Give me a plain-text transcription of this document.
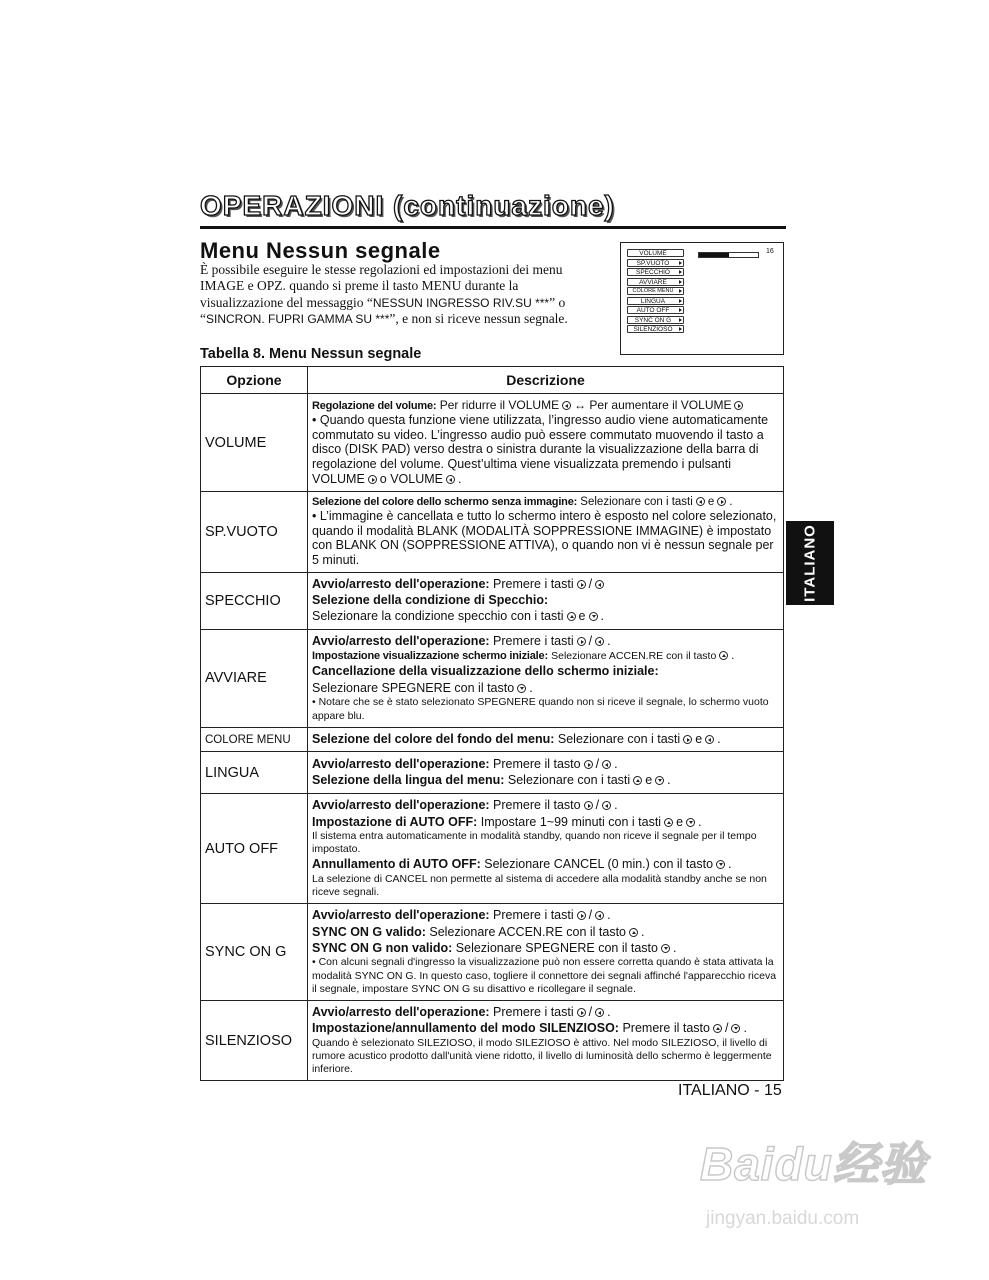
OPERAZIONI (continuazione)
Menu Nessun segnale
È possibile eseguire le stesse regolazioni ed impostazioni dei menu IMAGE e OPZ. quando si preme il tasto MENU durante la visualizzazione del messaggio “NESSUN INGRESSO RIV.SU ***” o “SINCRON. FUPRI GAMMA SU ***”, e non si riceve nessun segnale.
Tabella 8. Menu Nessun segnale
VOLUME
SP.VUOTO
SPECCHIO
AVVIARE
COLORE MENU
LINGUA
AUTO OFF
SYNC ON G
SILENZIOSO
16
Opzione	Descrizione
VOLUME	Regolazione del volume: Per ridurre il VOLUME ↔ Per aumentare il VOLUME

• Quando questa funzione viene utilizzata, l’ingresso audio viene automaticamente commutato su video. L’ingresso audio può essere commutato muovendo il tasto a disco (DISK PAD) verso destra o sinistra durante la visualizzazione della barra di regolazione del volume. Quest’ultima viene visualizzata premendo i pulsanti VOLUME o VOLUME .

SP.VUOTO	Selezione del colore dello schermo senza immagine: Selezionare con i tasti e .

• L’immagine è cancellata e tutto lo schermo intero è esposto nel colore selezionato, quando il modalità BLANK (MODALITÀ SOPPRESSIONE IMMAGINE) è impostato con BLANK ON (SOPPRESSIONE ATTIVA), o quando non vi è nessun segnale per 5 minuti.

SPECCHIO	Avvio/arresto dell'operazione: Premere i tasti /

Selezione della condizione di Specchio:

Selezionare la condizione specchio con i tasti e .

AVVIARE	Avvio/arresto dell'operazione: Premere i tasti / .

Impostazione visualizzazione schermo iniziale: Selezionare ACCEN.RE con il tasto .

Cancellazione della visualizzazione dello schermo iniziale:

Selezionare SPEGNERE con il tasto .

• Notare che se è stato selezionato SPEGNERE quando non si riceve il segnale, lo schermo vuoto appare blu.

COLORE MENU	Selezione del colore del fondo del menu: Selezionare con i tasti e .

LINGUA	Avvio/arresto dell'operazione: Premere il tasto / .

Selezione della lingua del menu: Selezionare con i tasti e .

AUTO OFF	Avvio/arresto dell'operazione: Premere il tasto / .

Impostazione di AUTO OFF: Impostare 1~99 minuti con i tasti e .

Il sistema entra automaticamente in modalità standby, quando non riceve il segnale per il tempo impostato.

Annullamento di AUTO OFF: Selezionare CANCEL (0 min.) con il tasto .

La selezione di CANCEL non permette al sistema di accedere alla modalità standby anche se non riceve segnali.

SYNC ON G	Avvio/arresto dell'operazione: Premere i tasti / .

SYNC ON G valido: Selezionare ACCEN.RE con il tasto .

SYNC ON G non valido: Selezionare SPEGNERE con il tasto .

• Con alcuni segnali d'ingresso la visualizzazione può non essere corretta quando è stata attivata la modalità SYNC ON G. In questo caso, togliere il connettore dei segnali affinché l'apparecchio riceva il segnale, impostare SYNC ON G su disattivo e ricollegare il segnale.

SILENZIOSO	Avvio/arresto dell'operazione: Premere i tasti / .

Impostazione/annullamento del modo SILENZIOSO: Premere il tasto / .

Quando è selezionato SILEZIOSO, il modo SILEZIOSO è attivo. Nel modo SILEZIOSO, il livello di rumore acustico prodotto dall'unità viene ridotto, il livello di luminosità dello schermo è leggermente inferiore.

ITALIANO
ITALIANO - 15
Baidu经验
jingyan.baidu.com
